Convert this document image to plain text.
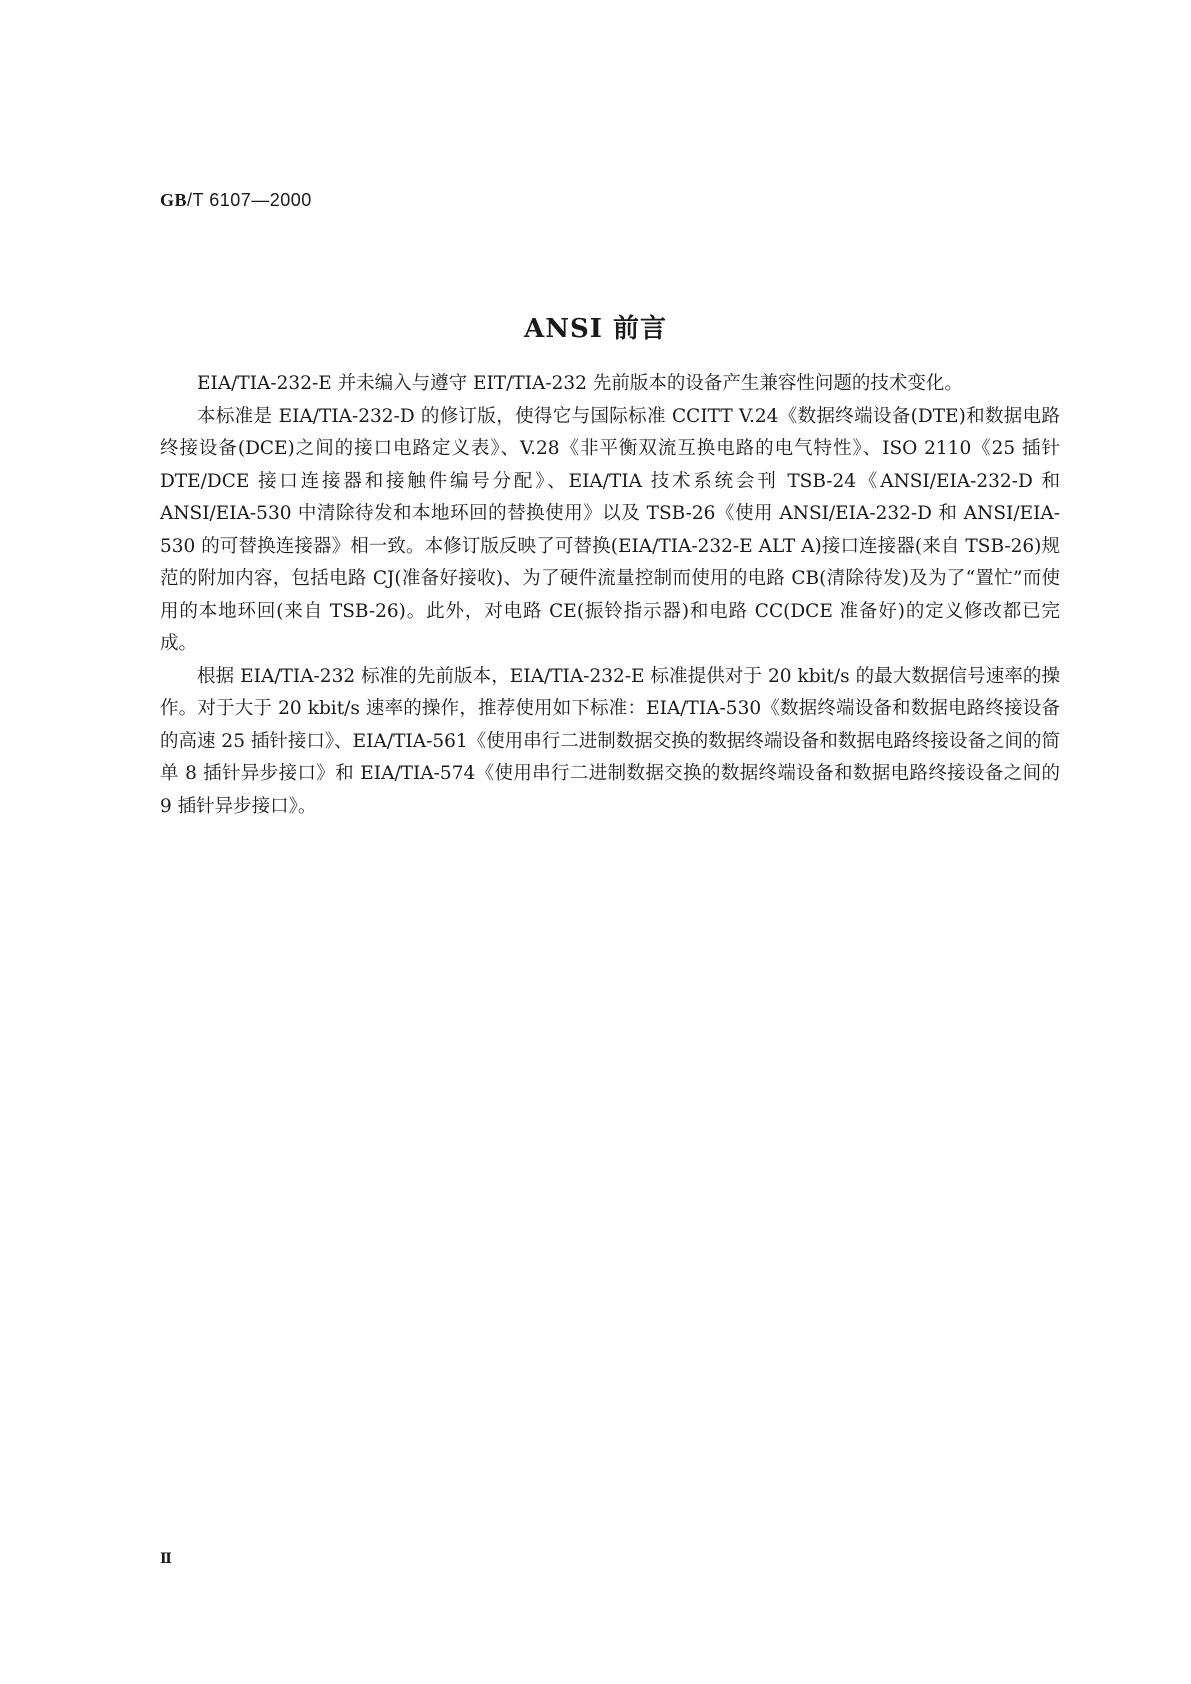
GB/T 6107—2000
ANSI 前言

EIA/TIA-232-E 并未编入与遵守 EIT/TIA-232 先前版本的设备产生兼容性问题的技术变化。

本标准是 EIA/TIA-232-D 的修订版，使得它与国际标准 CCITT V.24《数据终端设备(DTE)和数据电路终接设备(DCE)之间的接口电路定义表》、V.28《非平衡双流互换电路的电气特性》、ISO 2110《25 插针 DTE/DCE 接口连接器和接触件编号分配》、EIA/TIA 技术系统会刊 TSB-24《ANSI/EIA-232-D 和 ANSI/EIA-530 中清除待发和本地环回的替换使用》以及 TSB-26《使用 ANSI/EIA-232-D 和 ANSI/EIA-530 的可替换连接器》相一致。本修订版反映了可替换(EIA/TIA-232-E ALT A)接口连接器(来自 TSB-26)规范的附加内容，包括电路 CJ(准备好接收)、为了硬件流量控制而使用的电路 CB(清除待发)及为了“置忙”而使用的本地环回(来自 TSB-26)。此外，对电路 CE(振铃指示器)和电路 CC(DCE 准备好)的定义修改都已完成。

根据 EIA/TIA-232 标准的先前版本，EIA/TIA-232-E 标准提供对于 20 kbit/s 的最大数据信号速率的操作。对于大于 20 kbit/s 速率的操作，推荐使用如下标准：EIA/TIA-530《数据终端设备和数据电路终接设备的高速 25 插针接口》、EIA/TIA-561《使用串行二进制数据交换的数据终端设备和数据电路终接设备之间的简单 8 插针异步接口》和 EIA/TIA-574《使用串行二进制数据交换的数据终端设备和数据电路终接设备之间的 9 插针异步接口》。

Ⅱ
